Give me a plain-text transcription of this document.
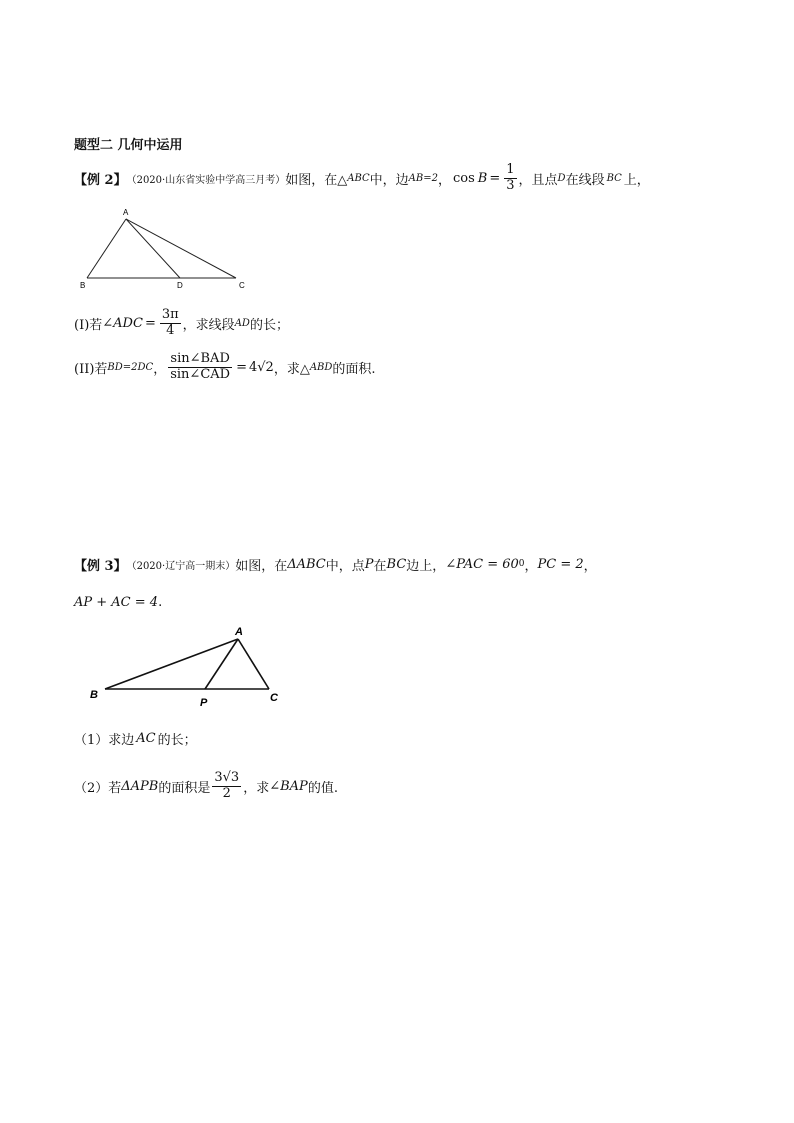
题型二 几何中运用
【例 2】 （2020·山东省实验中学高三月考） 如图，在△ ABC 中，边 AB=2 ， $\cos B = \frac{1}{3}$ ，且点 D 在线段 BC 上，
A
B	D	C
(I)若 ∠ADC = $\frac{3\pi}{4}$ ，求线段 AD 的长；
(II)若 BD=2DC ， $\frac{\text{sin∠BAD}}{\text{sin∠CAD}} = 4√2$ ，求△ ABD 的面积.
【例 3】 （2020·辽宁高一期末） 如图，在 ΔABC 中，点 P 在 BC 边上， ∠PAC = 60 0 ， PC = 2 ，
AP + AC = 4 .
A
B
P	C
（1）求边 AC 的长；
（2）若 ΔAPB 的面积是 $\frac{3√3}{2}$ ，求 ∠BAP 的值.
